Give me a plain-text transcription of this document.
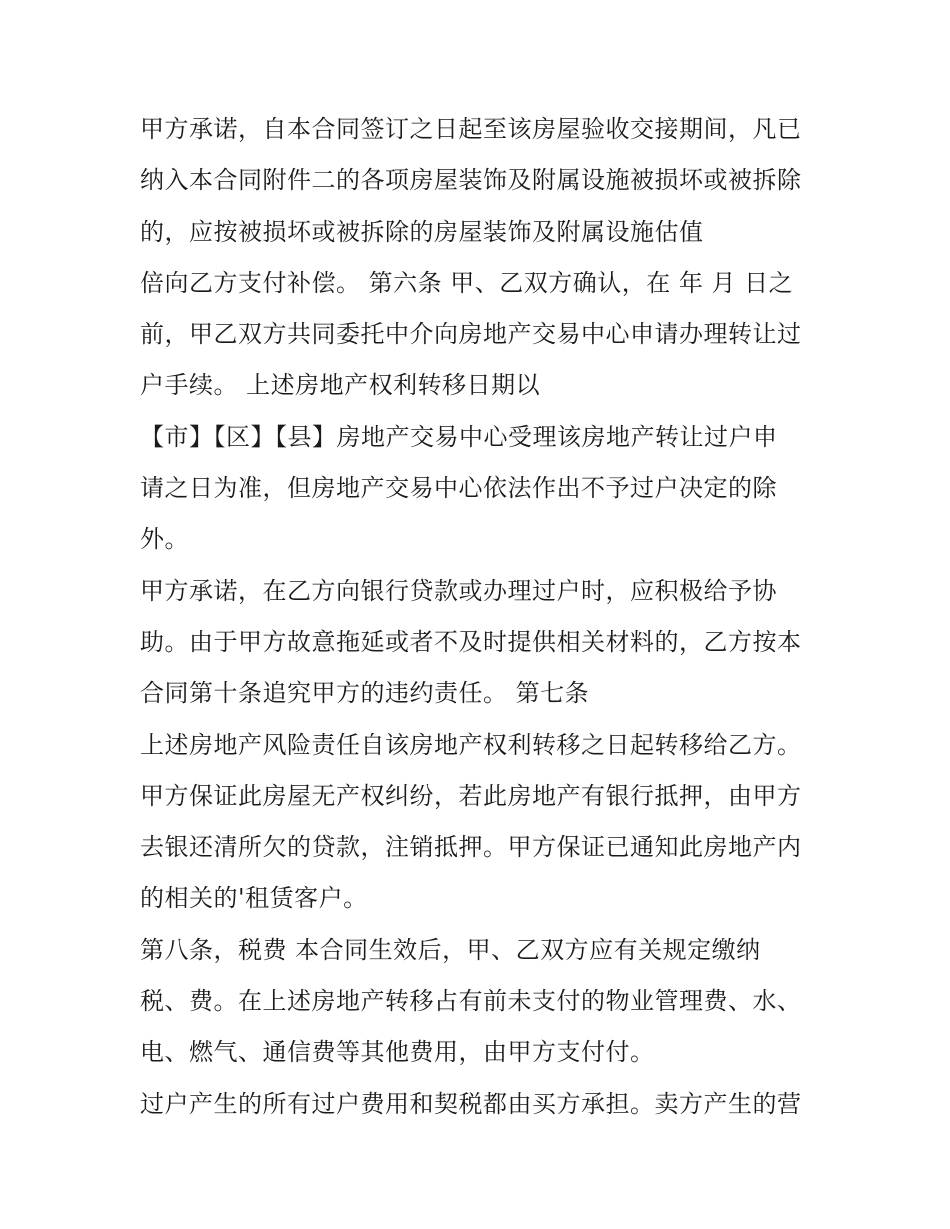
甲方承诺，自本合同签订之日起至该房屋验收交接期间，凡已
纳入本合同附件二的各项房屋装饰及附属设施被损坏或被拆除
的，应按被损坏或被拆除的房屋装饰及附属设施估值
倍向乙方支付补偿。 第六条 甲、乙双方确认，在 年 月 日之
前，甲乙双方共同委托中介向房地产交易中心申请办理转让过
户手续。 上述房地产权利转移日期以
【市】【区】【县】房地产交易中心受理该房地产转让过户申
请之日为准，但房地产交易中心依法作出不予过户决定的除
外。
甲方承诺，在乙方向银行贷款或办理过户时，应积极给予协
助。由于甲方故意拖延或者不及时提供相关材料的，乙方按本
合同第十条追究甲方的违约责任。 第七条
上述房地产风险责任自该房地产权利转移之日起转移给乙方。
甲方保证此房屋无产权纠纷，若此房地产有银行抵押，由甲方
去银还清所欠的贷款，注销抵押。甲方保证已通知此房地产内
的相关的'租赁客户。
第八条，税费 本合同生效后，甲、乙双方应有关规定缴纳
税、费。在上述房地产转移占有前未支付的物业管理费、水、
电、燃气、通信费等其他费用，由甲方支付付。
过户产生的所有过户费用和契税都由买方承担。卖方产生的营
